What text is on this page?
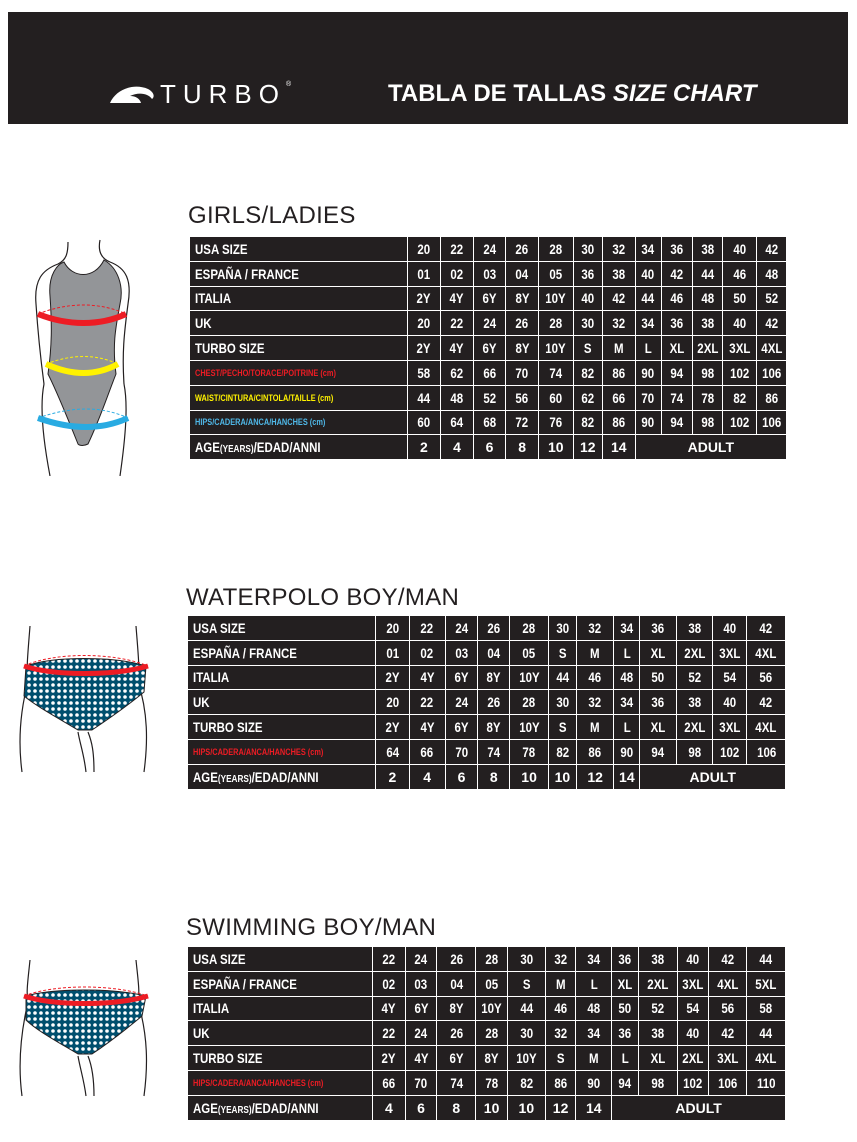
TURBO ®	TABLA DE TALLAS SIZE CHART
GIRLS/LADIES
WATERPOLO BOY/MAN
SWIMMING BOY/MAN
USA SIZE	20	22	24	26	28	30	32	34	36	38	40	42
ESPAÑA / FRANCE	01	02	03	04	05	36	38	40	42	44	46	48
ITALIA	2Y	4Y	6Y	8Y	10Y	40	42	44	46	48	50	52
UK	20	22	24	26	28	30	32	34	36	38	40	42
TURBO SIZE	2Y	4Y	6Y	8Y	10Y	S	M	L	XL	2XL	3XL	4XL
CHEST/PECHO/TORACE/POITRINE (cm)	58	62	66	70	74	82	86	90	94	98	102	106
WAIST/CINTURA/CINTOLA/TAILLE (cm)	44	48	52	56	60	62	66	70	74	78	82	86
HIPS/CADERA/ANCA/HANCHES (cm)	60	64	68	72	76	82	86	90	94	98	102	106
AGE(YEARS)/EDAD/ANNI	2	4	6	8	10	12	14	ADULT				
USA SIZE	20	22	24	26	28	30	32	34	36	38	40	42
ESPAÑA / FRANCE	01	02	03	04	05	S	M	L	XL	2XL	3XL	4XL
ITALIA	2Y	4Y	6Y	8Y	10Y	44	46	48	50	52	54	56
UK	20	22	24	26	28	30	32	34	36	38	40	42
TURBO SIZE	2Y	4Y	6Y	8Y	10Y	S	M	L	XL	2XL	3XL	4XL
HIPS/CADERA/ANCA/HANCHES (cm)	64	66	70	74	78	82	86	90	94	98	102	106
AGE(YEARS)/EDAD/ANNI	2	4	6	8	10	10	12	14	ADULT			
USA SIZE	22	24	26	28	30	32	34	36	38	40	42	44
ESPAÑA / FRANCE	02	03	04	05	S	M	L	XL	2XL	3XL	4XL	5XL
ITALIA	4Y	6Y	8Y	10Y	44	46	48	50	52	54	56	58
UK	22	24	26	28	30	32	34	36	38	40	42	44
TURBO SIZE	2Y	4Y	6Y	8Y	10Y	S	M	L	XL	2XL	3XL	4XL
HIPS/CADERA/ANCA/HANCHES (cm)	66	70	74	78	82	86	90	94	98	102	106	110
AGE(YEARS)/EDAD/ANNI	4	6	8	10	10	12	14	ADULT				
